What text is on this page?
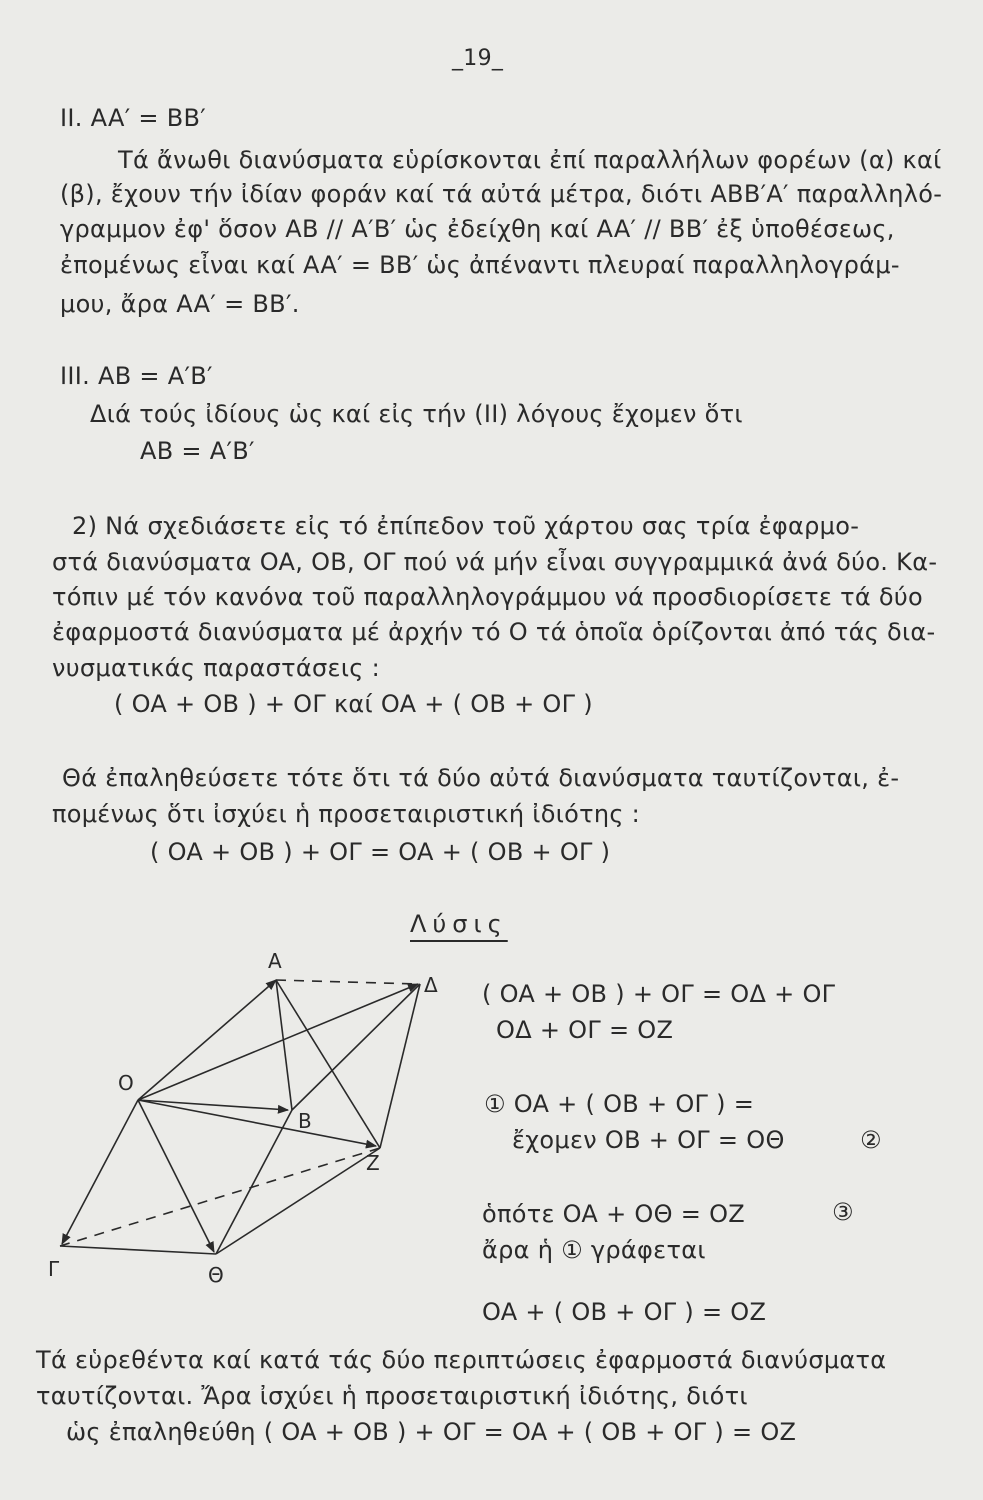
_19_
ΙΙ. AA′ = BB′
Τά ἄνωθι διανύσματα εὑρίσκονται ἐπί παραλλήλων φορέων (α) καί
(β), ἔχουν τήν ἰδίαν φοράν καί τά αὐτά μέτρα, διότι ABB′A′ παραλληλό-
γραμμον ἐφ' ὅσον AB // A′B′ ὡς ἐδείχθη καί AA′ // BB′ ἐξ ὑποθέσεως,
ἐπομένως εἶναι καί AA′ = BB′ ὡς ἀπέναντι πλευραί παραλληλογράμ-
μου, ἄρα AA′ = BB′.
ΙΙΙ. AB = A′B′
Διά τούς ἰδίους ὡς καί εἰς τήν (ΙΙ) λόγους ἔχομεν ὅτι
AB = A′B′
2) Νά σχεδιάσετε εἰς τό ἐπίπεδον τοῦ χάρτου σας τρία ἐφαρμο-
στά διανύσματα OA, OB, OΓ πού νά μήν εἶναι συγγραμμικά ἀνά δύο. Κα-
τόπιν μέ τόν κανόνα τοῦ παραλληλογράμμου νά προσδιορίσετε τά δύο
ἐφαρμοστά διανύσματα μέ ἀρχήν τό O τά ὁποῖα ὁρίζονται ἀπό τάς δια-
νυσματικάς παραστάσεις :
( OA + OB ) + OΓ καί OA + ( OB + OΓ )
Θά ἐπαληθεύσετε τότε ὅτι τά δύο αὐτά διανύσματα ταυτίζονται, ἐ-
πομένως ὅτι ἰσχύει ἡ προσεταιριστική ἰδιότης :
( OA + OB ) + OΓ = OA + ( OB + OΓ )
Λύσις
O
A
Δ
B
Z
Γ	Θ
( OA + OB ) + OΓ = OΔ + OΓ
OΔ + OΓ = OZ
① OA + ( OB + OΓ ) =
ἔχομεν OB + OΓ = OΘ	②
ὁπότε OA + OΘ = OZ	③
ἄρα ἡ ① γράφεται
OA + ( OB + OΓ ) = OZ
Τά εὑρεθέντα καί κατά τάς δύο περιπτώσεις ἐφαρμοστά διανύσματα
ταυτίζονται. Ἄρα ἰσχύει ἡ προσεταιριστική ἰδιότης, διότι
ὡς ἐπαληθεύθη ( OA + OB ) + OΓ = OA + ( OB + OΓ ) = OZ
